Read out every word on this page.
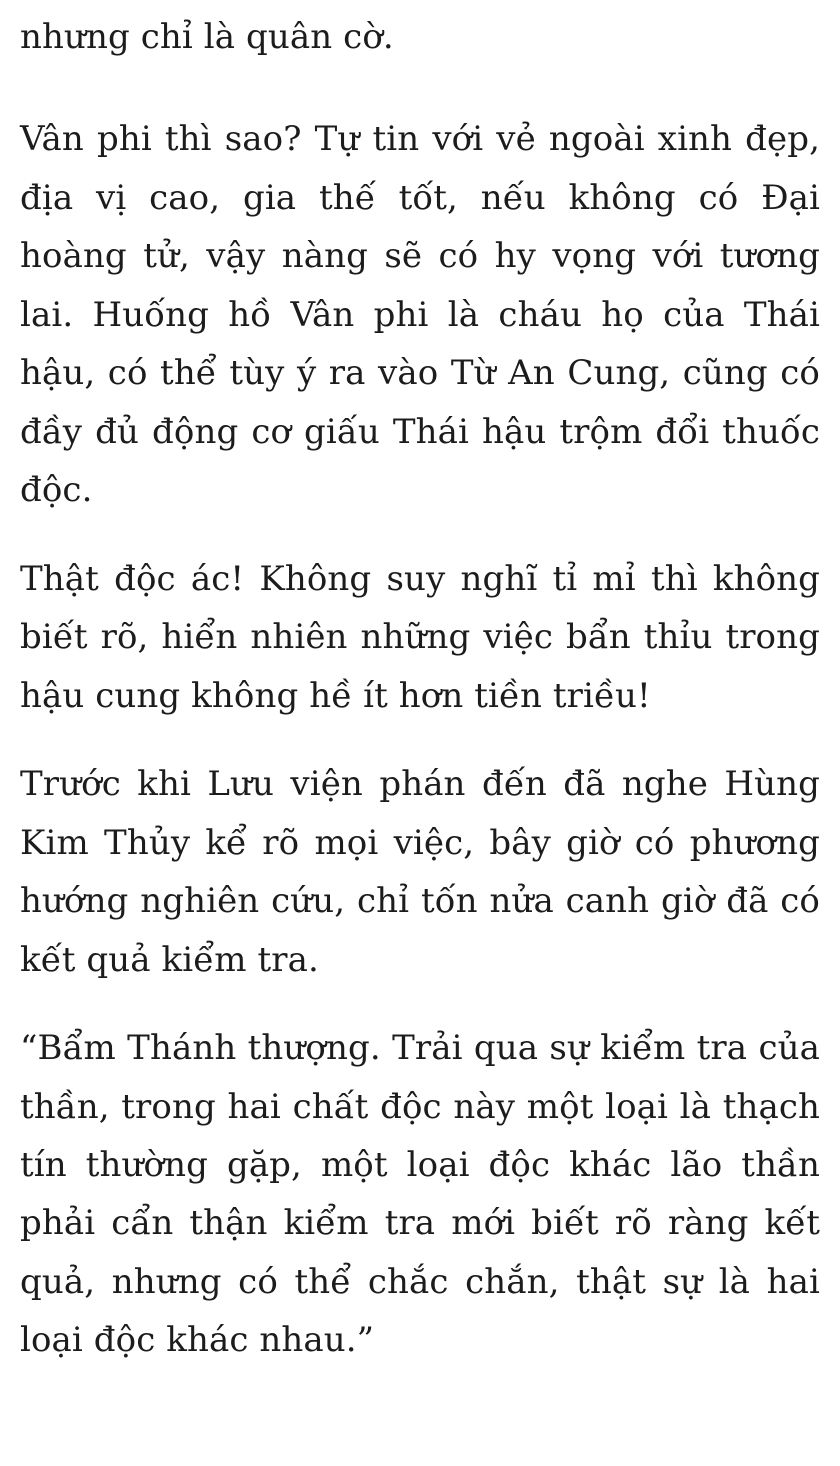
nhưng chỉ là quân cờ.

Vân phi thì sao? Tự tin với vẻ ngoài xinh đẹp, địa vị cao, gia thế tốt, nếu không có Đại hoàng tử, vậy nàng sẽ có hy vọng với tương lai. Huống hồ Vân phi là cháu họ của Thái hậu, có thể tùy ý ra vào Từ An Cung, cũng có đầy đủ động cơ giấu Thái hậu trộm đổi thuốc độc.

Thật độc ác! Không suy nghĩ tỉ mỉ thì không biết rõ, hiển nhiên những việc bẩn thỉu trong hậu cung không hề ít hơn tiền triều!

Trước khi Lưu viện phán đến đã nghe Hùng Kim Thủy kể rõ mọi việc, bây giờ có phương hướng nghiên cứu, chỉ tốn nửa canh giờ đã có kết quả kiểm tra.

“Bẩm Thánh thượng. Trải qua sự kiểm tra của thần, trong hai chất độc này một loại là thạch tín thường gặp, một loại độc khác lão thần phải cẩn thận kiểm tra mới biết rõ ràng kết quả, nhưng có thể chắc chắn, thật sự là hai loại độc khác nhau.”
